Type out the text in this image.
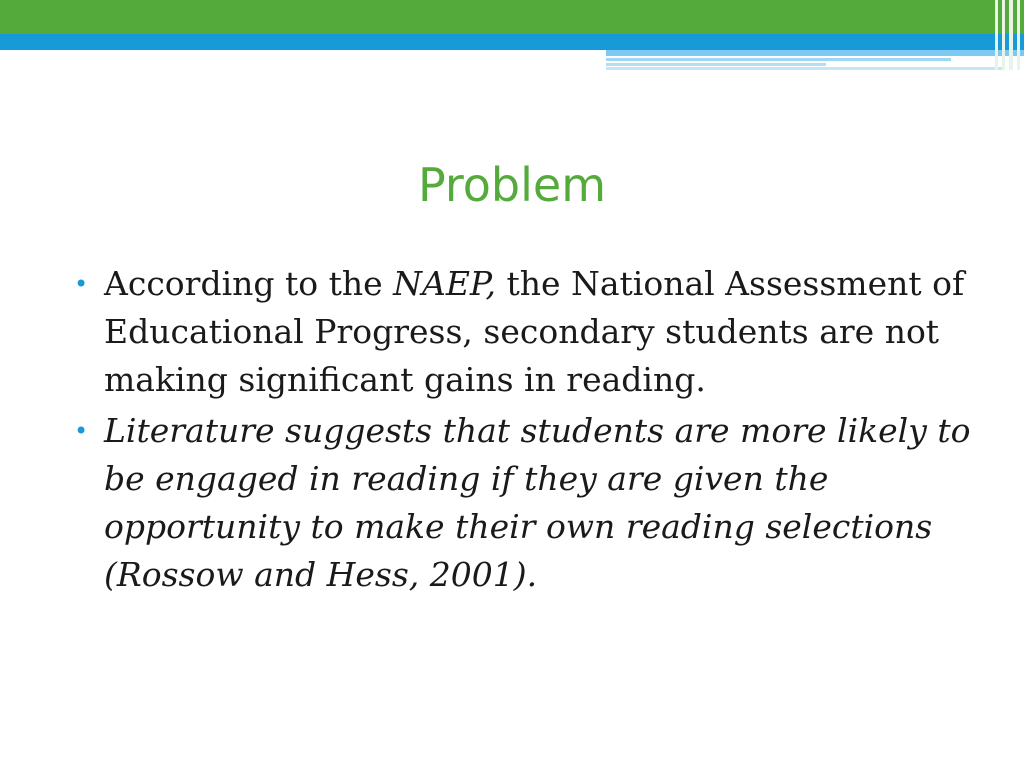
Problem
• According to the NAEP, the National Assessment of Educational Progress, secondary students are not making significant gains in reading.
• Literature suggests that students are more likely to be engaged in reading if they are given the opportunity to make their own reading selections (Rossow and Hess, 2001).
